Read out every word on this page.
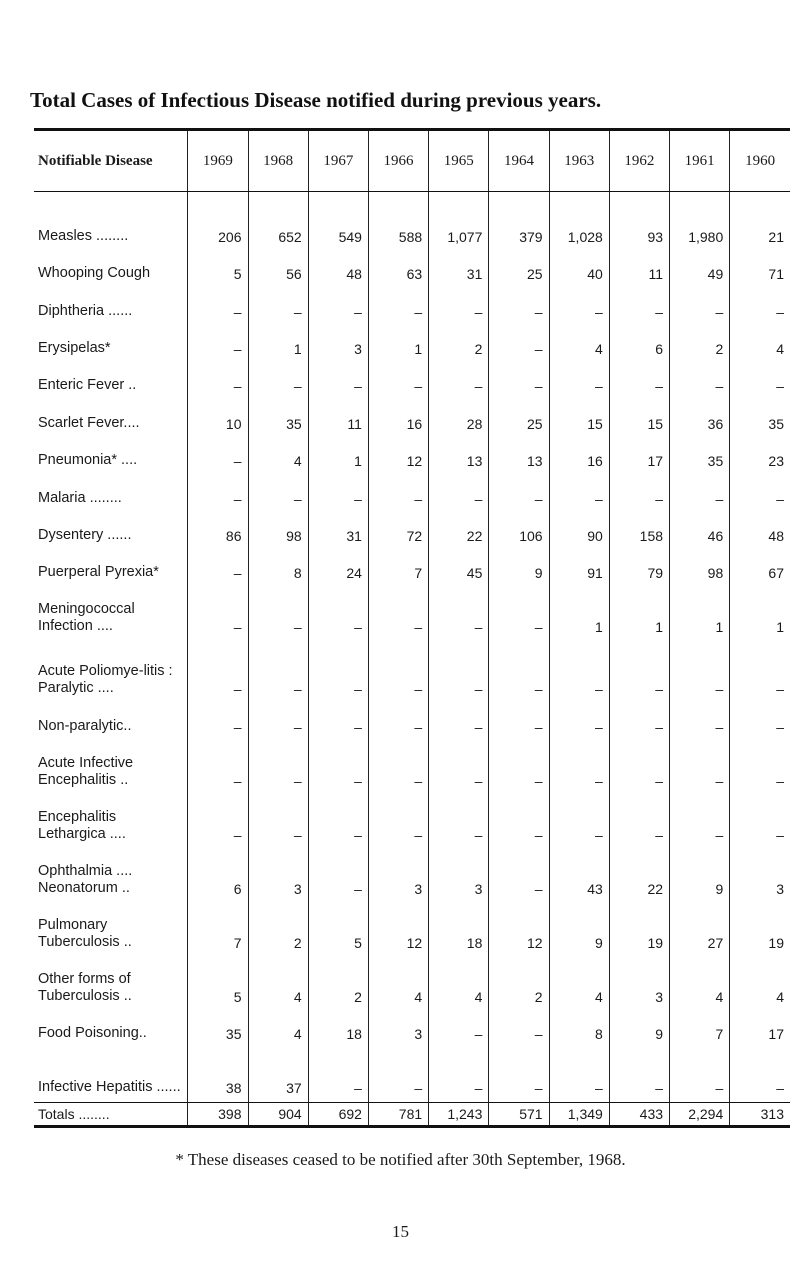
Total Cases of Infectious Disease notified during previous years.
Notifiable Disease	1969	1968	1967	1966	1965	1964	1963	1962	1961	1960

Measles ........	206	652	549	588	1,077	379	1,028	93	1,980	21
Whooping Cough	5	56	48	63	31	25	40	11	49	71
Diphtheria ......	–	–	–	–	–	–	–	–	–	–
Erysipelas*	–	1	3	1	2	–	4	6	2	4
Enteric Fever ..	–	–	–	–	–	–	–	–	–	–
Scarlet Fever....	10	35	11	16	28	25	15	15	36	35
Pneumonia* ....	–	4	1	12	13	13	16	17	35	23
Malaria ........	–	–	–	–	–	–	–	–	–	–
Dysentery ......	86	98	31	72	22	106	90	158	46	48
Puerperal Pyrexia*	–	8	24	7	45	9	91	79	98	67
Meningococcal Infection ....	–	–	–	–	–	–	1	1	1	1
Acute Poliomye-litis : Paralytic ....	–	–	–	–	–	–	–	–	–	–
Non-paralytic..	–	–	–	–	–	–	–	–	–	–
Acute Infective Encephalitis ..	–	–	–	–	–	–	–	–	–	–
Encephalitis Lethargica ....	–	–	–	–	–	–	–	–	–	–
Ophthalmia .... Neonatorum ..	6	3	–	3	3	–	43	22	9	3
Pulmonary Tuberculosis ..	7	2	5	12	18	12	9	19	27	19
Other forms of Tuberculosis ..	5	4	2	4	4	2	4	3	4	4
Food Poisoning..	35	4	18	3	–	–	8	9	7	17
Infective Hepatitis ......	38	37	–	–	–	–	–	–	–	–
Totals ........	398	904	692	781	1,243	571	1,349	433	2,294	313

* These diseases ceased to be notified after 30th September, 1968.

15
